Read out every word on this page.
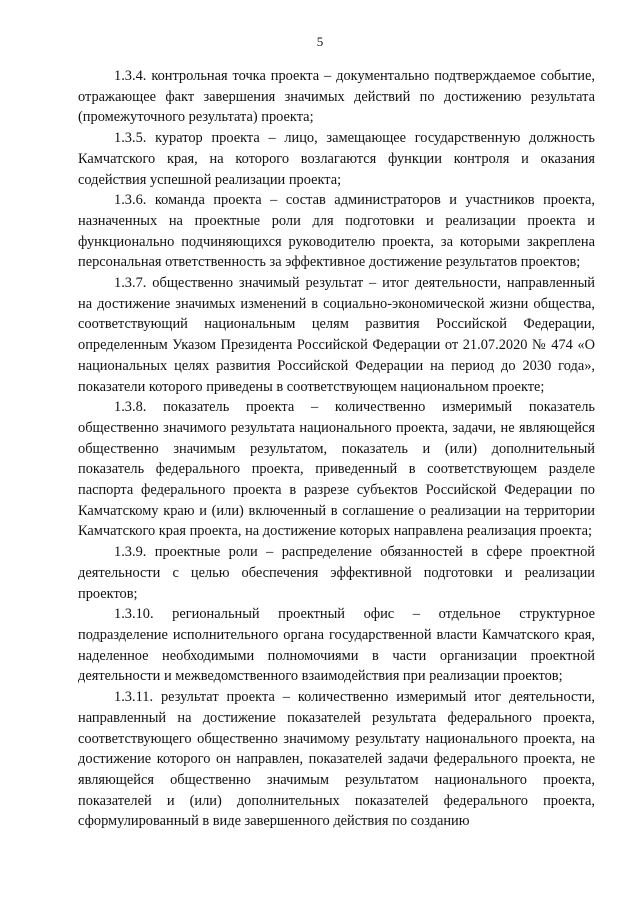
5

1.3.4. контрольная точка проекта – документально подтверждаемое событие, отражающее факт завершения значимых действий по достижению результата (промежуточного результата) проекта;

1.3.5. куратор проекта – лицо, замещающее государственную должность Камчатского края, на которого возлагаются функции контроля и оказания содействия успешной реализации проекта;

1.3.6. команда проекта – состав администраторов и участников проекта, назначенных на проектные роли для подготовки и реализации проекта и функционально подчиняющихся руководителю проекта, за которыми закреплена персональная ответственность за эффективное достижение результатов проектов;

1.3.7. общественно значимый результат – итог деятельности, направленный на достижение значимых изменений в социально-экономической жизни общества, соответствующий национальным целям развития Российской Федерации, определенным Указом Президента Российской Федерации от 21.07.2020 № 474 «О национальных целях развития Российской Федерации на период до 2030 года», показатели которого приведены в соответствующем национальном проекте;

1.3.8. показатель проекта – количественно измеримый показатель общественно значимого результата национального проекта, задачи, не являющейся общественно значимым результатом, показатель и (или) дополнительный показатель федерального проекта, приведенный в соответствующем разделе паспорта федерального проекта в разрезе субъектов Российской Федерации по Камчатскому краю и (или) включенный в соглашение о реализации на территории Камчатского края проекта, на достижение которых направлена реализация проекта;

1.3.9. проектные роли – распределение обязанностей в сфере проектной деятельности с целью обеспечения эффективной подготовки и реализации проектов;

1.3.10. региональный проектный офис – отдельное структурное подразделение исполнительного органа государственной власти Камчатского края, наделенное необходимыми полномочиями в части организации проектной деятельности и межведомственного взаимодействия при реализации проектов;

1.3.11. результат проекта – количественно измеримый итог деятельности, направленный на достижение показателей результата федерального проекта, соответствующего общественно значимому результату национального проекта, на достижение которого он направлен, показателей задачи федерального проекта, не являющейся общественно значимым результатом национального проекта, показателей и (или) дополнительных показателей федерального проекта, сформулированный в виде завершенного действия по созданию
